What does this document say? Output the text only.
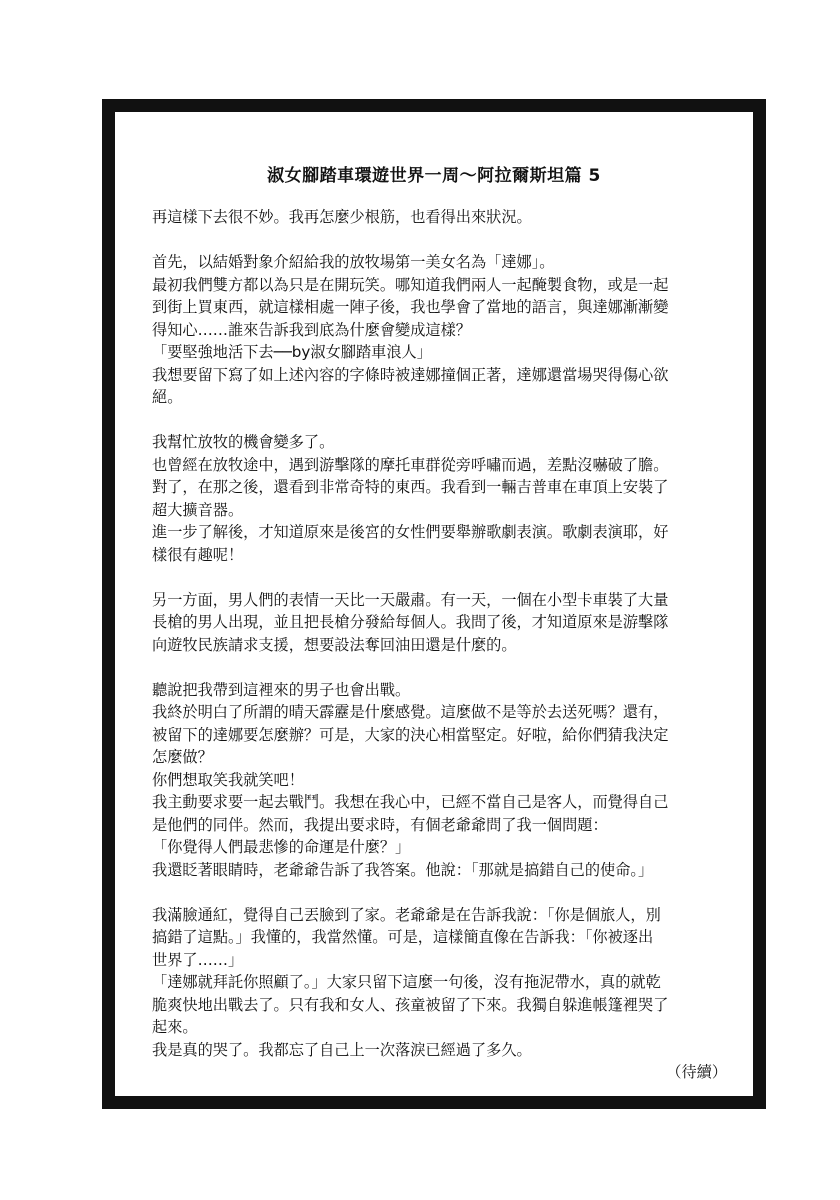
淑女腳踏車環遊世界一周～阿拉爾斯坦篇 5

再這樣下去很不妙。我再怎麼少根筋，也看得出來狀況。

首先，以結婚對象介紹給我的放牧場第一美女名為「達娜」。
最初我們雙方都以為只是在開玩笑。哪知道我們兩人一起醃製食物，或是一起
到街上買東西，就這樣相處一陣子後，我也學會了當地的語言，與達娜漸漸變
得知心……誰來告訴我到底為什麼會變成這樣？
「要堅強地活下去──by淑女腳踏車浪人」
我想要留下寫了如上述內容的字條時被達娜撞個正著，達娜還當場哭得傷心欲
絕。

我幫忙放牧的機會變多了。
也曾經在放牧途中，遇到游擊隊的摩托車群從旁呼嘯而過，差點沒嚇破了膽。
對了，在那之後，還看到非常奇特的東西。我看到一輛吉普車在車頂上安裝了
超大擴音器。
進一步了解後，才知道原來是後宮的女性們要舉辦歌劇表演。歌劇表演耶，好
樣很有趣呢！

另一方面，男人們的表情一天比一天嚴肅。有一天，一個在小型卡車裝了大量
長槍的男人出現，並且把長槍分發給每個人。我問了後，才知道原來是游擊隊
向遊牧民族請求支援，想要設法奪回油田還是什麼的。

聽說把我帶到這裡來的男子也會出戰。
我終於明白了所謂的晴天霹靂是什麼感覺。這麼做不是等於去送死嗎？還有，
被留下的達娜要怎麼辦？可是，大家的決心相當堅定。好啦，給你們猜我決定
怎麼做？
你們想取笑我就笑吧！
我主動要求要一起去戰鬥。我想在我心中，已經不當自己是客人，而覺得自己
是他們的同伴。然而，我提出要求時，有個老爺爺問了我一個問題：
「你覺得人們最悲慘的命運是什麼？」
我還眨著眼睛時，老爺爺告訴了我答案。他說：「那就是搞錯自己的使命。」

我滿臉通紅，覺得自己丟臉到了家。老爺爺是在告訴我說：「你是個旅人，別
搞錯了這點。」我懂的，我當然懂。可是，這樣簡直像在告訴我：「你被逐出
世界了……」
「達娜就拜託你照顧了。」大家只留下這麼一句後，沒有拖泥帶水，真的就乾
脆爽快地出戰去了。只有我和女人、孩童被留了下來。我獨自躲進帳篷裡哭了
起來。
我是真的哭了。我都忘了自己上一次落淚已經過了多久。
（待續）
